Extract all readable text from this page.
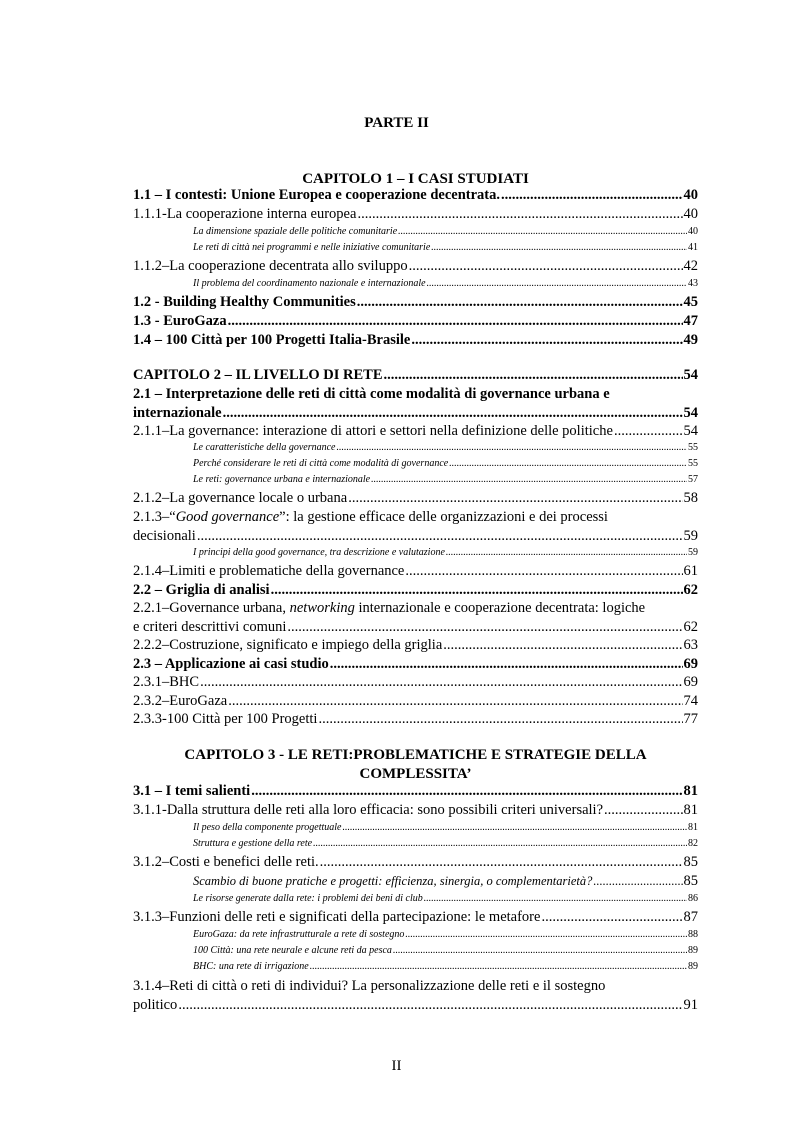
PARTE II
CAPITOLO 1 – I CASI STUDIATI
1.1 – I contesti: Unione Europea e cooperazione decentrata. .....	40
1.1.1-La cooperazione interna europea .....	40
La dimensione spaziale delle politiche comunitarie .....	40
Le reti di città nei programmi e nelle iniziative comunitarie .....	41
1.1.2–La cooperazione decentrata allo sviluppo .....	42
Il problema del coordinamento nazionale e internazionale .....	43
1.2 - Building Healthy Communities .....	45
1.3 - EuroGaza .....	47
1.4 – 100 Città per 100 Progetti Italia-Brasile .....	49
CAPITOLO 2 – IL LIVELLO DI RETE .....	54
2.1 – Interpretazione delle reti di città come modalità di governance urbana e
internazionale .....	54
2.1.1–La governance: interazione di attori e settori nella definizione delle politiche .....	54
Le caratteristiche della governance .....	55
Perché considerare le reti di città come modalità di governance .....	55
Le reti: governance urbana e internazionale .....	57
2.1.2–La governance locale o urbana .....	58
2.1.3–“Good governance”: la gestione efficace delle organizzazioni e dei processi
decisionali .....	59
I principi della good governance, tra descrizione e valutazione .....	59
2.1.4–Limiti e problematiche della governance .....	61
2.2 – Griglia di analisi .....	62
2.2.1–Governance urbana, networking internazionale e cooperazione decentrata: logiche
e criteri descrittivi comuni .....	62
2.2.2–Costruzione, significato e impiego della griglia .....	63
2.3 – Applicazione ai casi studio .....	69
2.3.1–BHC .....	69
2.3.2–EuroGaza .....	74
2.3.3-100 Città per 100 Progetti .....	77
CAPITOLO 3 - LE RETI:PROBLEMATICHE E STRATEGIE DELLA
COMPLESSITA’
3.1 – I temi salienti .....	81
3.1.1-Dalla struttura delle reti alla loro efficacia: sono possibili criteri universali? .....	81
Il peso della componente progettuale .....	81
Struttura e gestione della rete .....	82
3.1.2–Costi e benefici delle reti. .....	85
Scambio di buone pratiche e progetti: efficienza, sinergia, o complementarietà? .....	85
Le risorse generate dalla rete: i problemi dei beni di club .....	86
3.1.3–Funzioni delle reti e significati della partecipazione: le metafore .....	87
EuroGaza: da rete infrastrutturale a rete di sostegno .....	88
100 Città: una rete neurale e alcune reti da pesca .....	89
BHC: una rete di irrigazione .....	89
3.1.4–Reti di città o reti di individui? La personalizzazione delle reti e il sostegno
politico .....	91
II
